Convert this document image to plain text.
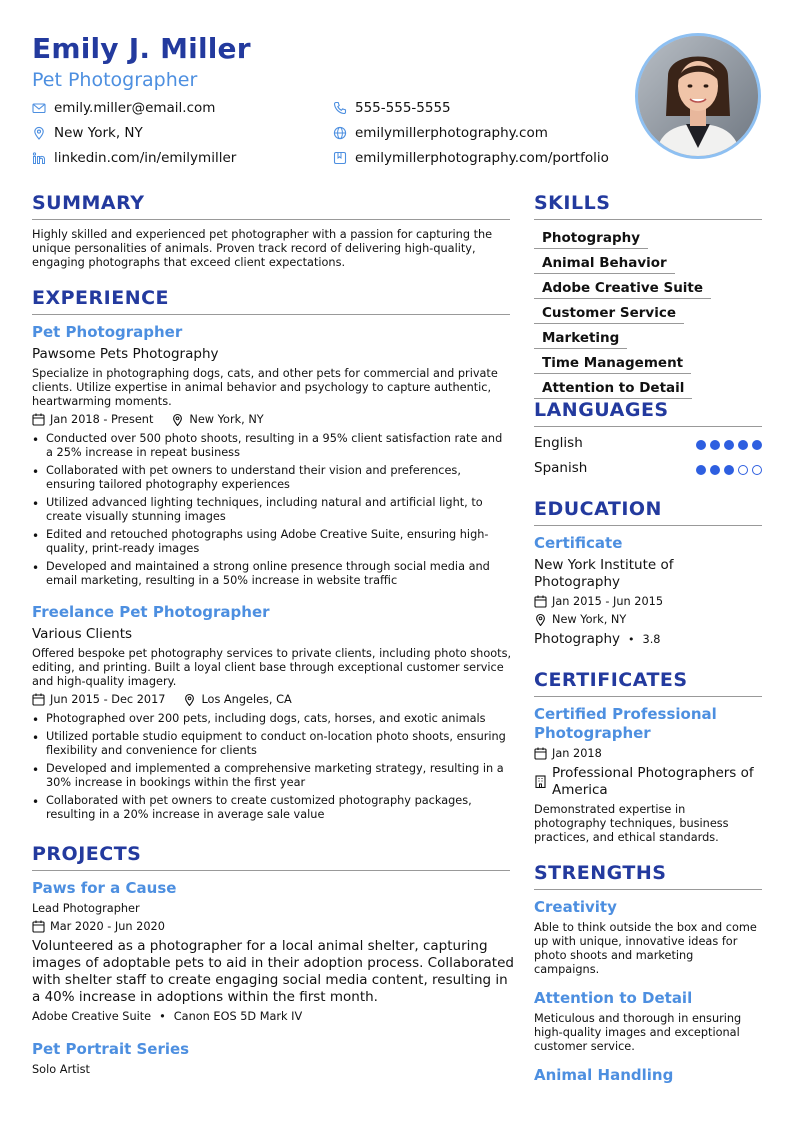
Emily J. Miller
Pet Photographer
emily.miller@email.com
New York, NY
linkedin.com/in/emilymiller
555-555-5555
emilymillerphotography.com
emilymillerphotography.com/portfolio
SUMMARY
Highly skilled and experienced pet photographer with a passion for capturing the unique personalities of animals. Proven track record of delivering high-quality, engaging photographs that exceed client expectations.
EXPERIENCE
Pet Photographer
Pawsome Pets Photography
Specialize in photographing dogs, cats, and other pets for commercial and private clients. Utilize expertise in animal behavior and psychology to capture authentic, heartwarming moments.
Jan 2018 - Present	New York, NY
• Conducted over 500 photo shoots, resulting in a 95% client satisfaction rate and a 25% increase in repeat business
• Collaborated with pet owners to understand their vision and preferences, ensuring tailored photography experiences
• Utilized advanced lighting techniques, including natural and artificial light, to create visually stunning images
• Edited and retouched photographs using Adobe Creative Suite, ensuring high-quality, print-ready images
• Developed and maintained a strong online presence through social media and email marketing, resulting in a 50% increase in website traffic
Freelance Pet Photographer
Various Clients
Offered bespoke pet photography services to private clients, including photo shoots, editing, and printing. Built a loyal client base through exceptional customer service and high-quality imagery.
Jun 2015 - Dec 2017	Los Angeles, CA
• Photographed over 200 pets, including dogs, cats, horses, and exotic animals
• Utilized portable studio equipment to conduct on-location photo shoots, ensuring flexibility and convenience for clients
• Developed and implemented a comprehensive marketing strategy, resulting in a 30% increase in bookings within the first year
• Collaborated with pet owners to create customized photography packages, resulting in a 20% increase in average sale value
PROJECTS
Paws for a Cause
Lead Photographer
Mar 2020 - Jun 2020
Volunteered as a photographer for a local animal shelter, capturing images of adoptable pets to aid in their adoption process. Collaborated with shelter staff to create engaging social media content, resulting in a 40% increase in adoptions within the first month.
Adobe Creative Suite • Canon EOS 5D Mark IV
Pet Portrait Series
Solo Artist
SKILLS
Photography
Animal Behavior
Adobe Creative Suite
Customer Service
Marketing
Time Management
Attention to Detail
LANGUAGES
English
Spanish
EDUCATION
Certificate
New York Institute of Photography
Jan 2015 - Jun 2015
New York, NY
Photography • 3.8
CERTIFICATES
Certified Professional Photographer
Jan 2018
Professional Photographers of America
Demonstrated expertise in photography techniques, business practices, and ethical standards.
STRENGTHS
Creativity
Able to think outside the box and come up with unique, innovative ideas for photo shoots and marketing campaigns.
Attention to Detail
Meticulous and thorough in ensuring high-quality images and exceptional customer service.
Animal Handling
